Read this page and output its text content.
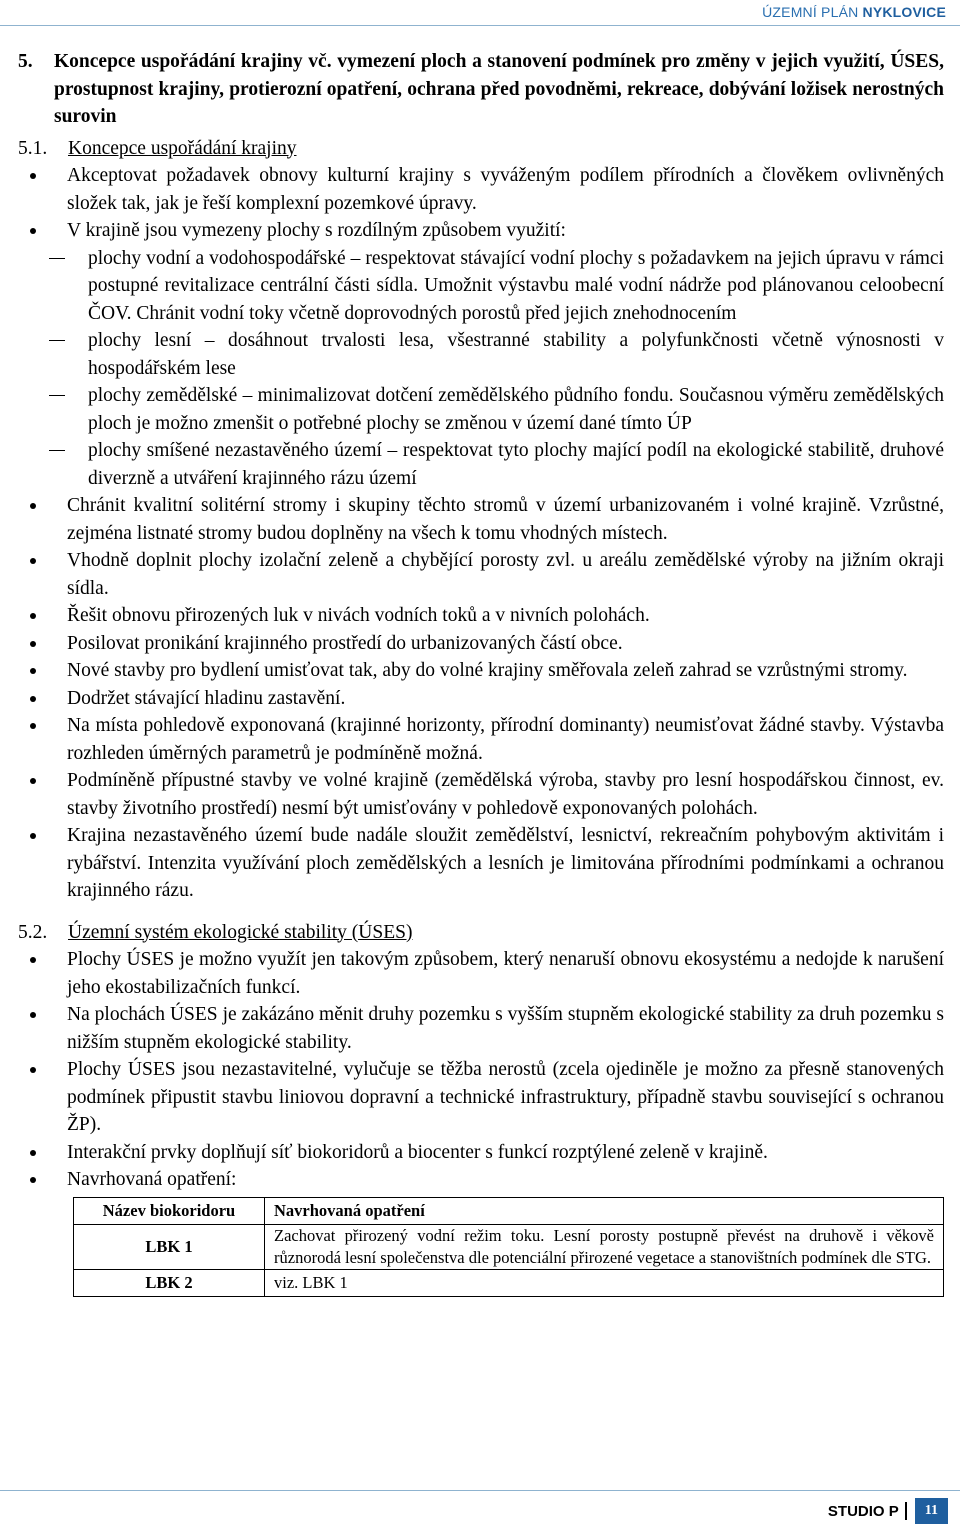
ÚZEMNÍ PLÁN NYKLOVICE
5.	Koncepce uspořádání krajiny vč. vymezení ploch a stanovení podmínek pro změny v jejich využití, ÚSES, prostupnost krajiny, protierozní opatření, ochrana před povodněmi, rekreace, dobývání ložisek nerostných surovin
5.1.	Koncepce uspořádání krajiny
Akceptovat požadavek obnovy kulturní krajiny s vyváženým podílem přírodních a člověkem ovlivněných složek tak, jak je řeší komplexní pozemkové úpravy.
V krajině jsou vymezeny plochy s rozdílným způsobem využití:
plochy vodní a vodohospodářské – respektovat stávající vodní plochy s požadavkem na jejich úpravu v rámci postupné revitalizace centrální části sídla. Umožnit výstavbu malé vodní nádrže pod plánovanou celoobecní ČOV. Chránit vodní toky včetně doprovodných porostů před jejich znehodnocením
plochy lesní – dosáhnout trvalosti lesa, všestranné stability a polyfunkčnosti včetně výnosnosti v hospodářském lese
plochy zemědělské – minimalizovat dotčení zemědělského půdního fondu. Současnou výměru zemědělských ploch je možno zmenšit o potřebné plochy se změnou v území dané tímto ÚP
plochy smíšené nezastavěného území – respektovat tyto plochy mající podíl na ekologické stabilitě, druhové diverzně a utváření krajinného rázu území
Chránit kvalitní solitérní stromy i skupiny těchto stromů v území urbanizovaném i volné krajině. Vzrůstné, zejména listnaté stromy budou doplněny na všech k tomu vhodných místech.
Vhodně doplnit plochy izolační zeleně a chybějící porosty zvl. u areálu zemědělské výroby na jižním okraji sídla.
Řešit obnovu přirozených luk v nivách vodních toků a v nivních polohách.
Posilovat pronikání krajinného prostředí do urbanizovaných částí obce.
Nové stavby pro bydlení umisťovat tak, aby do volné krajiny směřovala zeleň zahrad se vzrůstnými stromy.
Dodržet stávající hladinu zastavění.
Na místa pohledově exponovaná (krajinné horizonty, přírodní dominanty) neumisťovat žádné stavby. Výstavba rozhleden úměrných parametrů je podmíněně možná.
Podmíněně přípustné stavby ve volné krajině (zemědělská výroba, stavby pro lesní hospodářskou činnost, ev. stavby životního prostředí) nesmí být umisťovány v pohledově exponovaných polohách.
Krajina nezastavěného území bude nadále sloužit zemědělství, lesnictví, rekreačním pohybovým aktivitám i rybářství. Intenzita využívání ploch zemědělských a lesních je limitována přírodními podmínkami a ochranou krajinného rázu.
5.2.	Územní systém ekologické stability (ÚSES)
Plochy ÚSES je možno využít jen takovým způsobem, který nenaruší obnovu ekosystému a nedojde k narušení jeho ekostabilizačních funkcí.
Na plochách ÚSES je zakázáno měnit druhy pozemku s vyšším stupněm ekologické stability za druh pozemku s nižším stupněm ekologické stability.
Plochy ÚSES jsou nezastavitelné, vylučuje se těžba nerostů (zcela ojediněle je možno za přesně stanovených podmínek připustit stavbu liniovou dopravní a technické infrastruktury, případně stavbu související s ochranou ŽP).
Interakční prvky doplňují síť biokoridorů a biocenter s funkcí rozptýlené zeleně v krajině.
Navrhovaná opatření:
Název biokoridoru	Navrhovaná opatření
LBK 1	Zachovat přirozený vodní režim toku. Lesní porosty postupně převést na druhově i věkově různorodá lesní společenstva dle potenciální přirozené vegetace a stanovištních podmínek dle STG.
LBK 2	viz. LBK 1
STUDIO P	11
